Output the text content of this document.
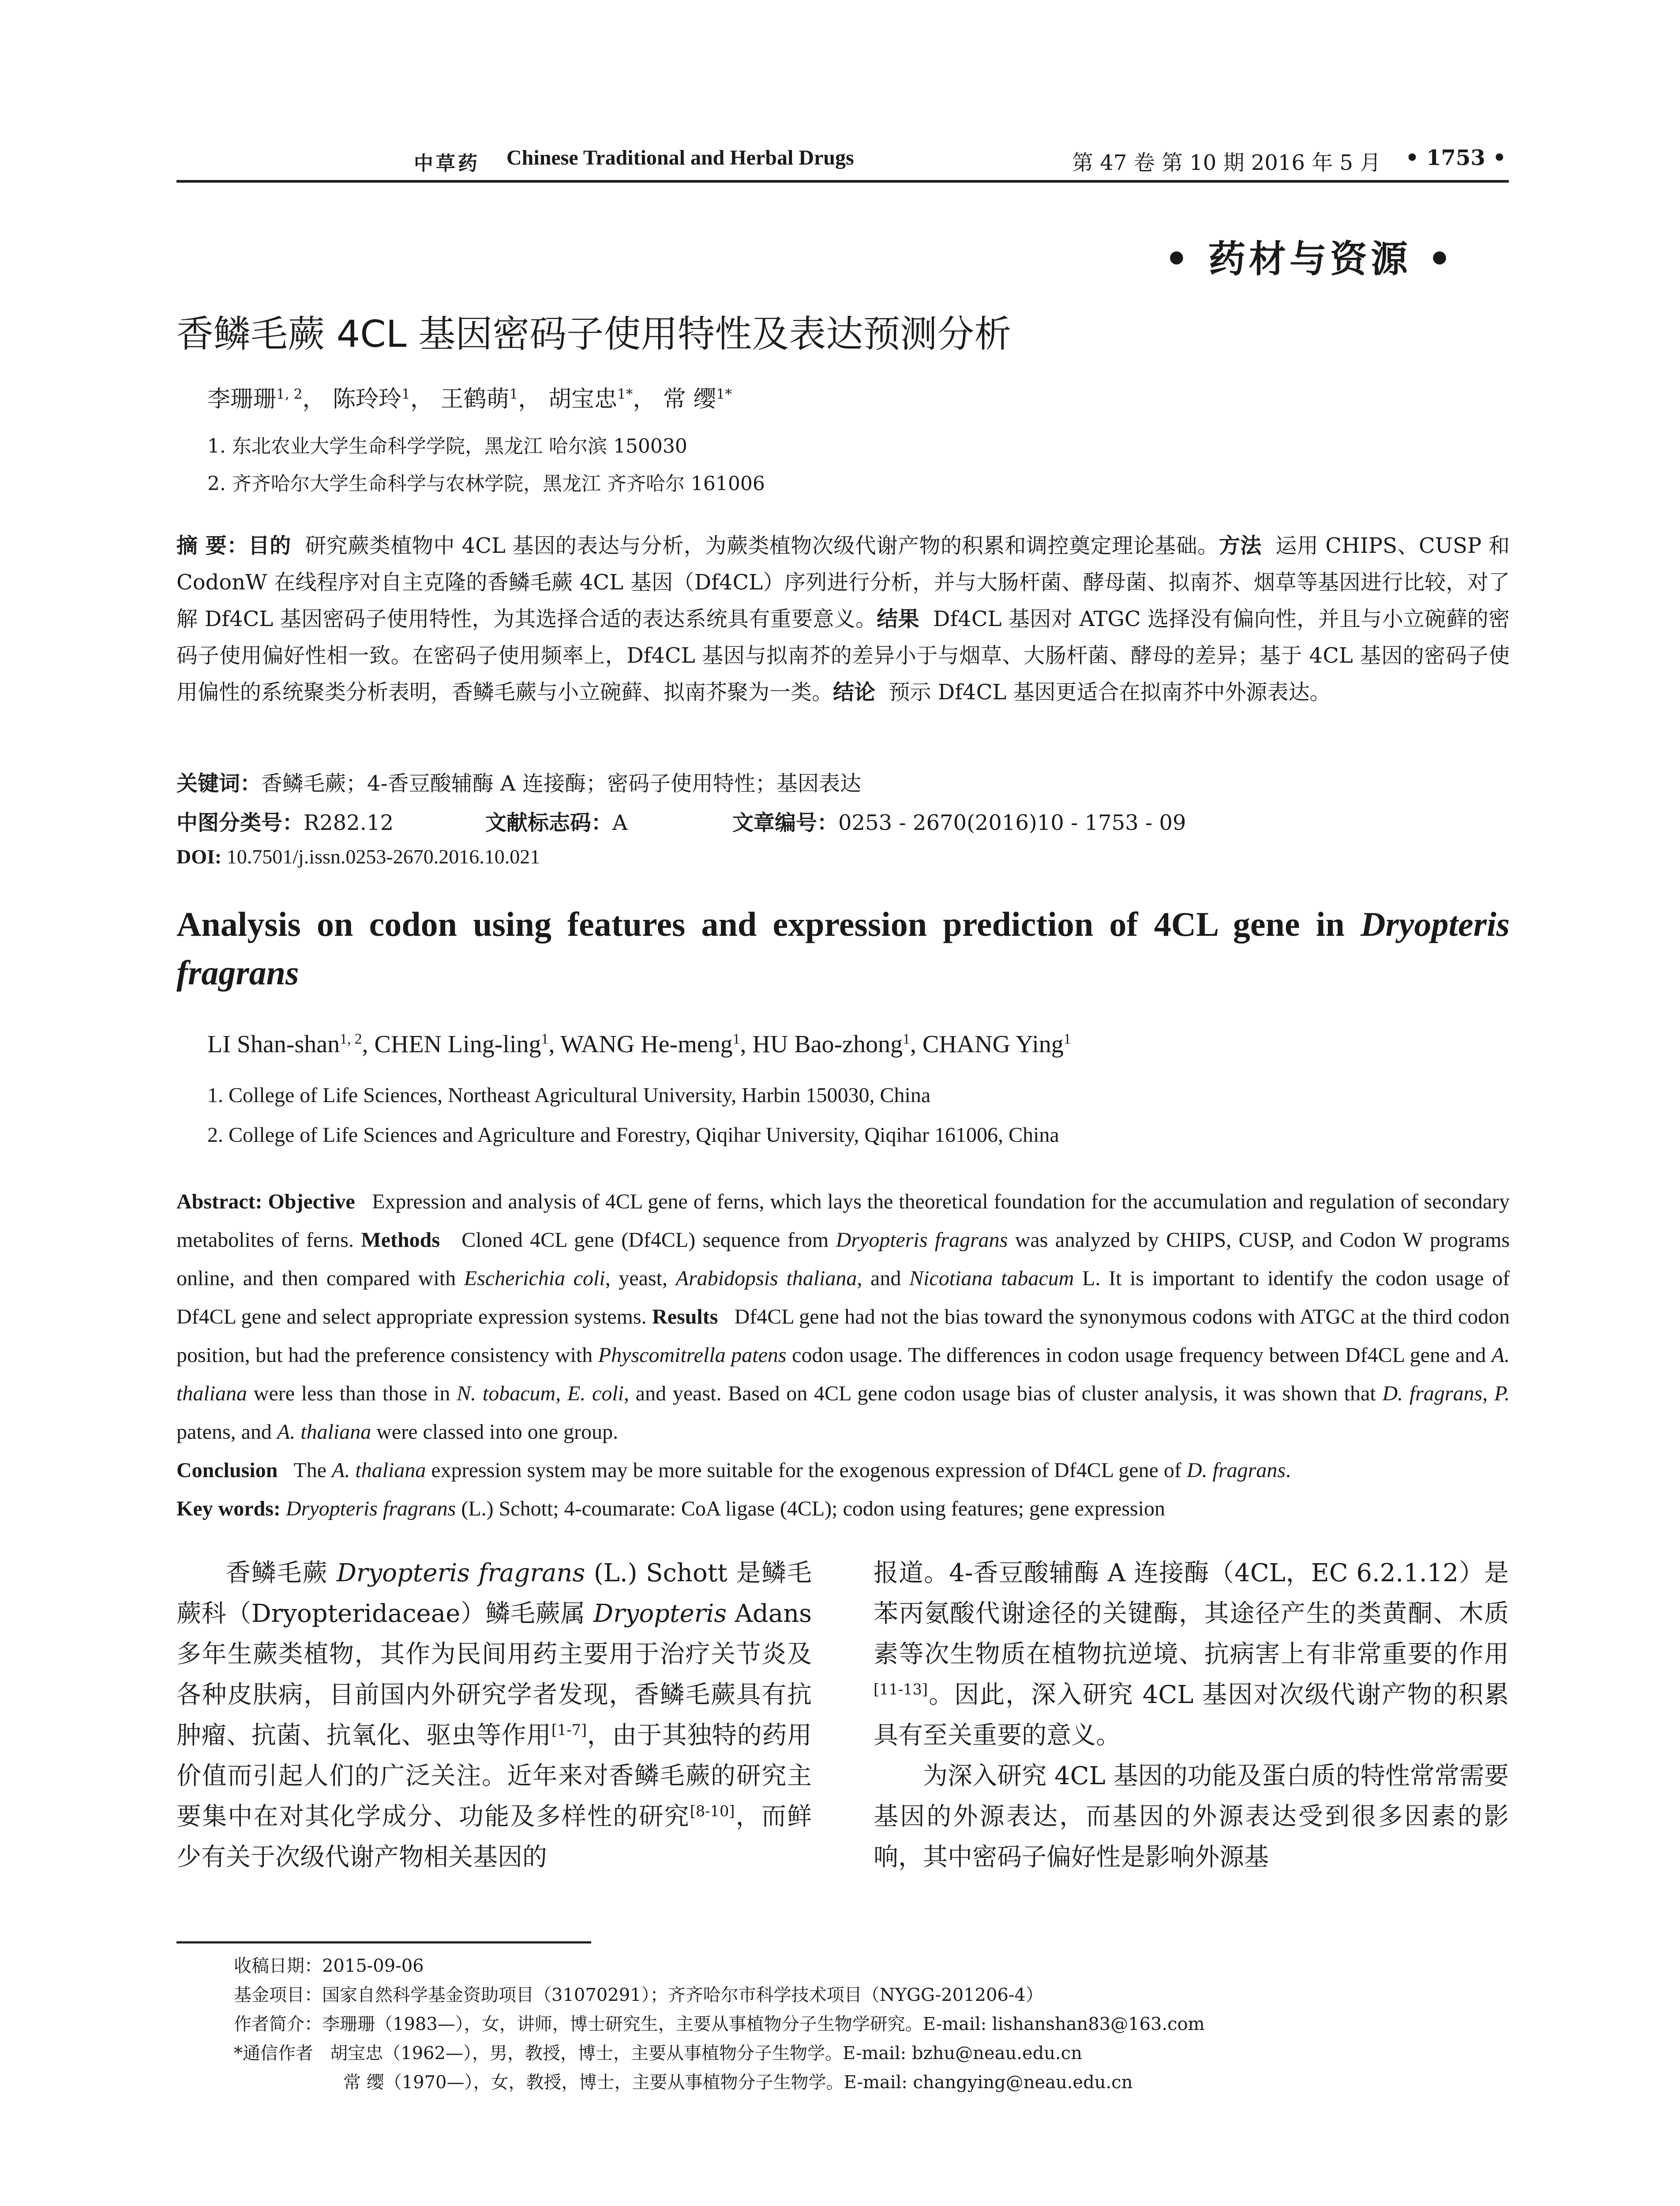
中草药 Chinese Traditional and Herbal Drugs	第 47 卷 第 10 期 2016 年 5 月 • 1753 •
• 药材与资源 •
香鳞毛蕨 4CL 基因密码子使用特性及表达预测分析
李珊珊$^{1, 2}$， 陈玲玲$^1$， 王鹤萌$^1$， 胡宝忠$^{1*}$， 常 缨$^{1*}$
1. 东北农业大学生命科学学院，黑龙江 哈尔滨 150030
2. 齐齐哈尔大学生命科学与农林学院，黑龙江 齐齐哈尔 161006

摘 要：目的 研究蕨类植物中 4CL 基因的表达与分析，为蕨类植物次级代谢产物的积累和调控奠定理论基础。方法 运用 CHIPS、CUSP 和 CodonW 在线程序对自主克隆的香鳞毛蕨 4CL 基因（Df4CL）序列进行分析，并与大肠杆菌、酵母菌、拟南芥、烟草等基因进行比较，对了解 Df4CL 基因密码子使用特性，为其选择合适的表达系统具有重要意义。结果 Df4CL 基因对 ATGC 选择没有偏向性，并且与小立碗藓的密码子使用偏好性相一致。在密码子使用频率上，Df4CL 基因与拟南芥的差异小于与烟草、大肠杆菌、酵母的差异；基于 4CL 基因的密码子使用偏性的系统聚类分析表明，香鳞毛蕨与小立碗藓、拟南芥聚为一类。结论 预示 Df4CL 基因更适合在拟南芥中外源表达。

关键词：香鳞毛蕨；4-香豆酸辅酶 A 连接酶；密码子使用特性；基因表达
中图分类号：R282.12	文献标志码：A	文章编号：0253 - 2670(2016)10 - 1753 - 09
DOI: 10.7501/j.issn.0253-2670.2016.10.021
Analysis on codon using features and expression prediction of 4CL gene in Dryopteris fragrans
LI Shan-shan$^{1, 2}$, CHEN Ling-ling$^1$, WANG He-meng$^1$, HU Bao-zhong$^1$, CHANG Ying$^1$
1. College of Life Sciences, Northeast Agricultural University, Harbin 150030, China
2. College of Life Sciences and Agriculture and Forestry, Qiqihar University, Qiqihar 161006, China

Abstract: Objective Expression and analysis of 4CL gene of ferns, which lays the theoretical foundation for the accumulation and regulation of secondary metabolites of ferns. Methods Cloned 4CL gene (Df4CL) sequence from Dryopteris fragrans was analyzed by CHIPS, CUSP, and Codon W programs online, and then compared with Escherichia coli, yeast, Arabidopsis thaliana, and Nicotiana tabacum L. It is important to identify the codon usage of Df4CL gene and select appropriate expression systems. Results Df4CL gene had not the bias toward the synonymous codons with ATGC at the third codon position, but had the preference consistency with Physcomitrella patens codon usage. The differences in codon usage frequency between Df4CL gene and A. thaliana were less than those in N. tobacum, E. coli, and yeast. Based on 4CL gene codon usage bias of cluster analysis, it was shown that D. fragrans, P. patens, and A. thaliana were classed into one group.
Conclusion The A. thaliana expression system may be more suitable for the exogenous expression of Df4CL gene of D. fragrans.
Key words: Dryopteris fragrans (L.) Schott; 4-coumarate: CoA ligase (4CL); codon using features; gene expression

香鳞毛蕨 Dryopteris fragrans (L.) Schott 是鳞毛蕨科（Dryopteridaceae）鳞毛蕨属 Dryopteris Adans 多年生蕨类植物，其作为民间用药主要用于治疗关节炎及各种皮肤病，目前国内外研究学者发现，香鳞毛蕨具有抗肿瘤、抗菌、抗氧化、驱虫等作用[1-7]，由于其独特的药用价值而引起人们的广泛关注。近年来对香鳞毛蕨的研究主要集中在对其化学成分、功能及多样性的研究[8-10]，而鲜少有关于次级代谢产物相关基因的

报道。4-香豆酸辅酶 A 连接酶（4CL，EC 6.2.1.12）是苯丙氨酸代谢途径的关键酶，其途径产生的类黄酮、木质素等次生物质在植物抗逆境、抗病害上有非常重要的作用[11-13]。因此，深入研究 4CL 基因对次级代谢产物的积累具有至关重要的意义。

为深入研究 4CL 基因的功能及蛋白质的特性常常需要基因的外源表达，而基因的外源表达受到很多因素的影响，其中密码子偏好性是影响外源基

收稿日期：2015-09-06
基金项目：国家自然科学基金资助项目（31070291）；齐齐哈尔市科学技术项目（NYGG-201206-4）
作者简介：李珊珊（1983—），女，讲师，博士研究生，主要从事植物分子生物学研究。E-mail: lishanshan83@163.com
*通信作者 胡宝忠（1962—），男，教授，博士，主要从事植物分子生物学。E-mail: bzhu@neau.edu.cn
常 缨（1970—），女，教授，博士，主要从事植物分子生物学。E-mail: changying@neau.edu.cn
